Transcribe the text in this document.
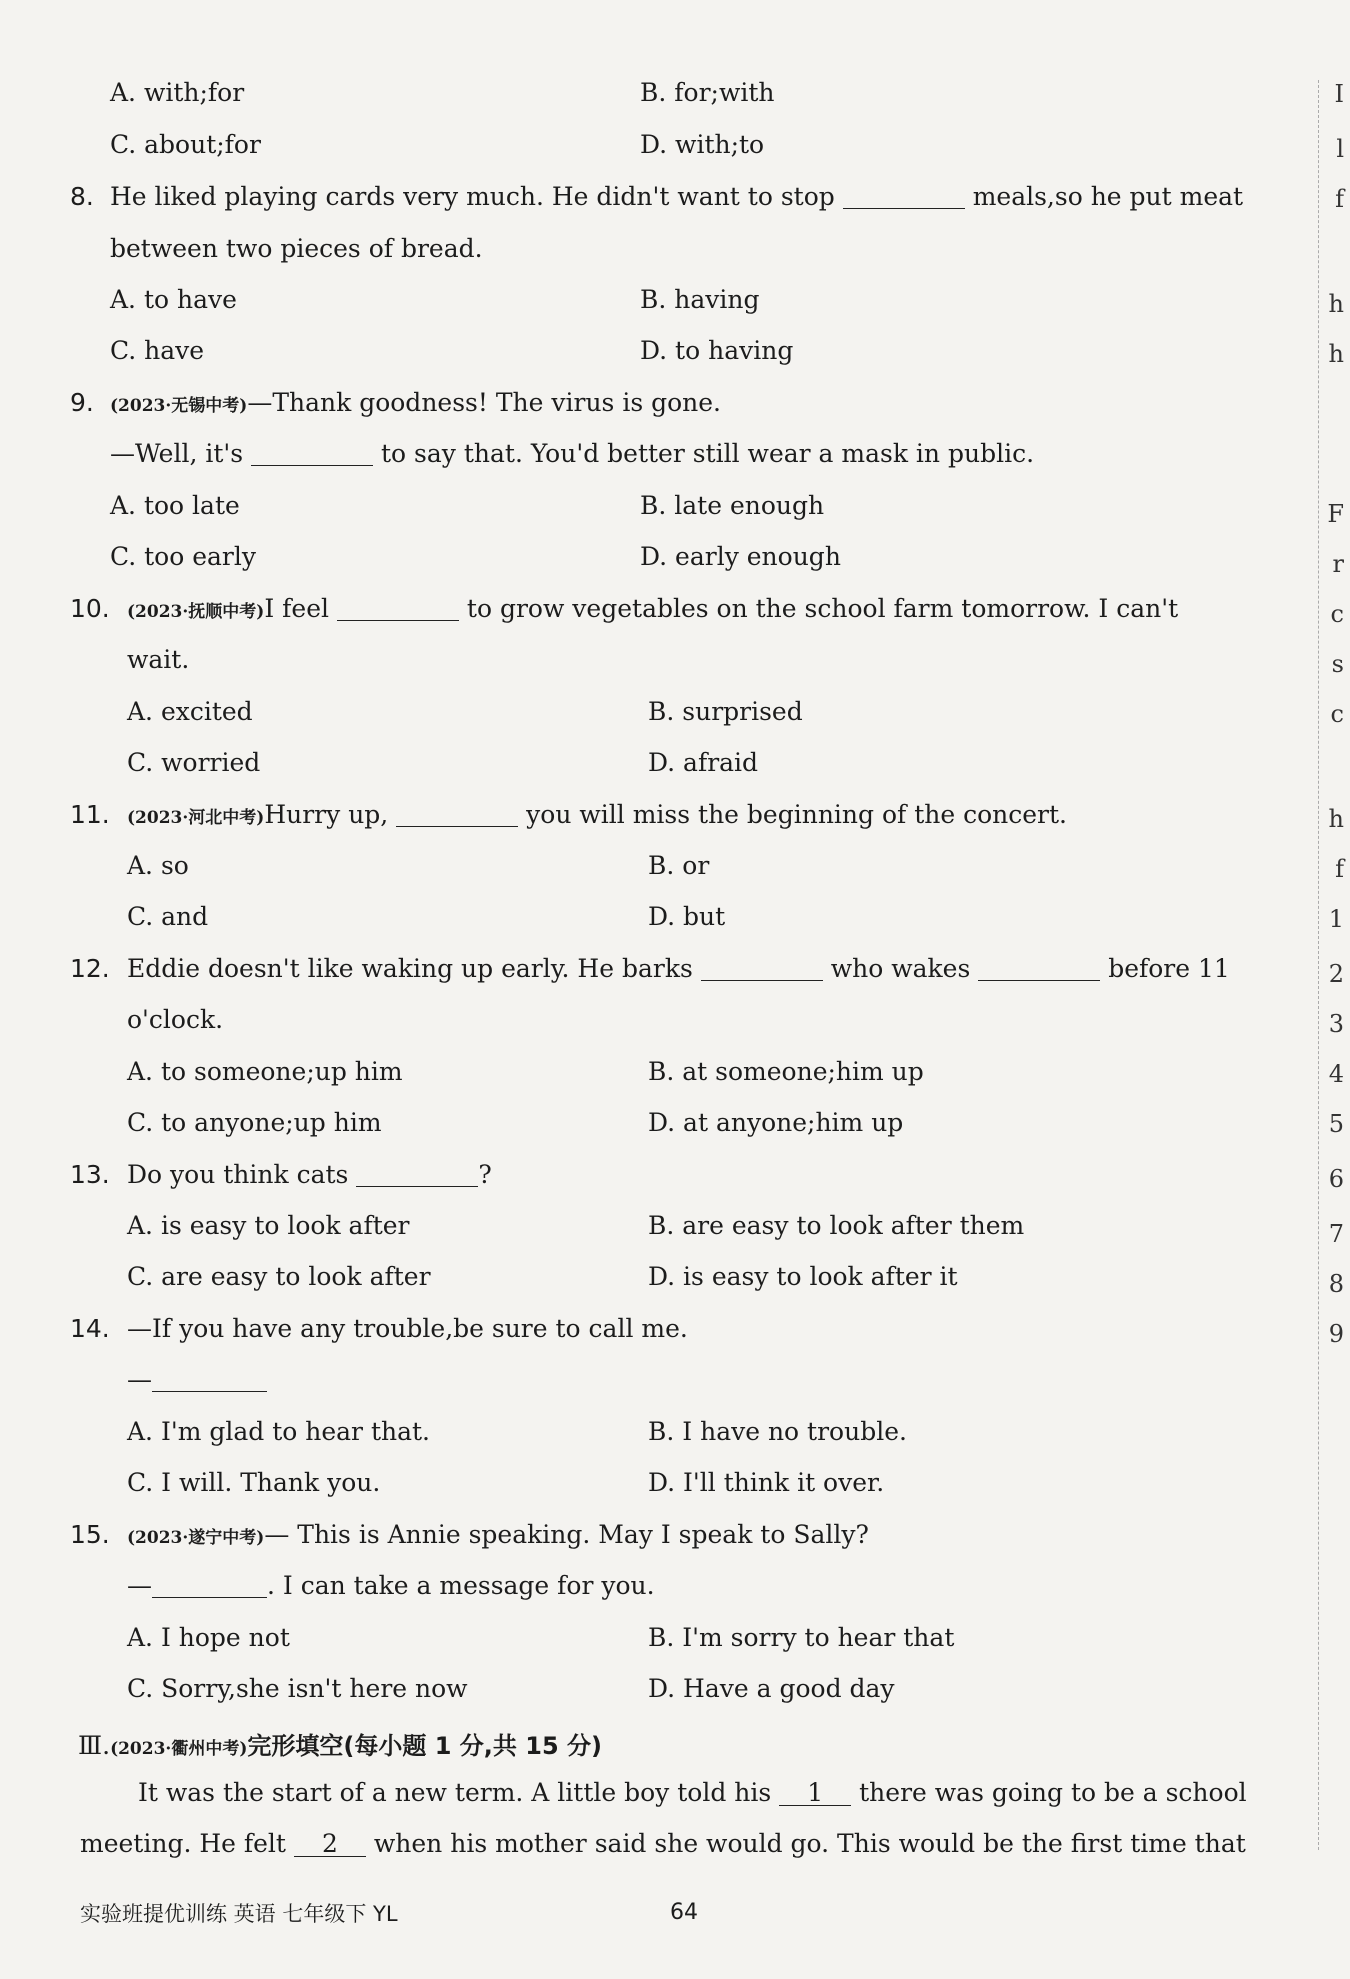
A. with;for	B. for;with
C. about;for	D. with;to
8. He liked playing cards very much. He didn't want to stop	meals,so he put meat
between two pieces of bread.
A. to have	B. having
C. have	D. to having
9. (2023·无锡中考)—Thank goodness! The virus is gone.
—Well, it's	to say that. You'd better still wear a mask in public.
A. too late	B. late enough
C. too early	D. early enough
10. (2023·抚顺中考)I feel	to grow vegetables on the school farm tomorrow. I can't
wait.
A. excited	B. surprised
C. worried	D. afraid
11. (2023·河北中考)Hurry up,	you will miss the beginning of the concert.
A. so	B. or
C. and	D. but
12. Eddie doesn't like waking up early. He barks	who wakes	before 11
o'clock.
A. to someone;up him	B. at someone;him up
C. to anyone;up him	D. at anyone;him up
13. Do you think cats	?
A. is easy to look after	B. are easy to look after them
C. are easy to look after	D. is easy to look after it
14. —If you have any trouble,be sure to call me.
—
A. I'm glad to hear that.	B. I have no trouble.
C. I will. Thank you.	D. I'll think it over.
15. (2023·遂宁中考)— This is Annie speaking. May I speak to Sally?
—	. I can take a message for you.
A. I hope not	B. I'm sorry to hear that
C. Sorry,she isn't here now	D. Have a good day
Ⅲ.(2023·衢州中考)完形填空(每小题 1 分,共 15 分)
It was the start of a new term. A little boy told his 1 there was going to be a school
meeting. He felt 2 when his mother said she would go. This would be the first time that
I
l
f
h
h
F
r
c
s
c
h
f
1
2
3
4
5
6
7
8
9
实验班提优训练 英语 七年级下 YL	64
